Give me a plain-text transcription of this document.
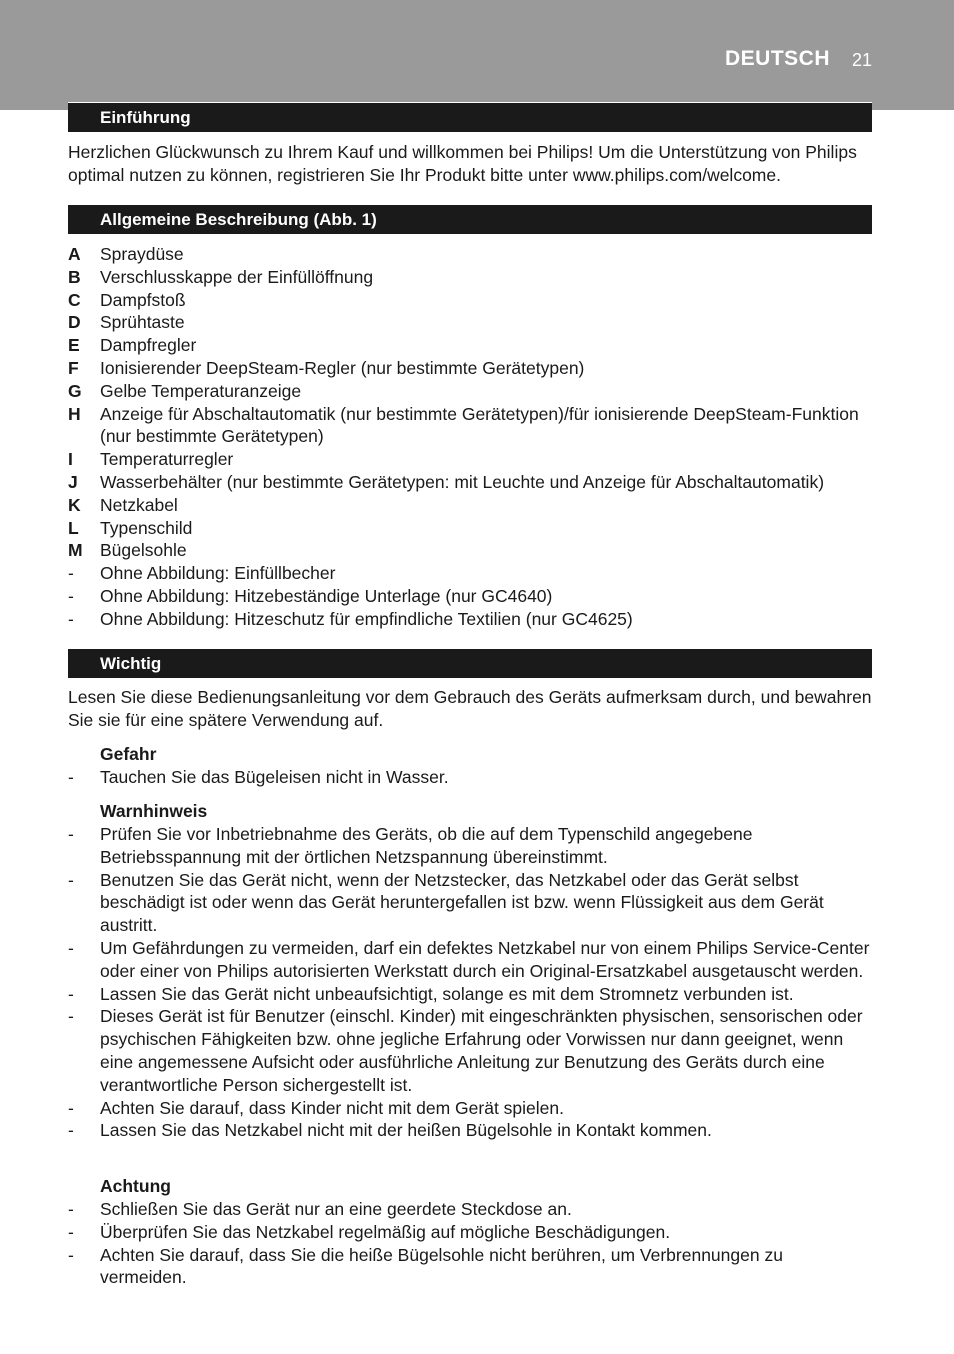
DEUTSCH 21
Einführung
Herzlichen Glückwunsch zu Ihrem Kauf und willkommen bei Philips! Um die Unterstützung von Philips optimal nutzen zu können, registrieren Sie Ihr Produkt bitte unter www.philips.com/welcome.
Allgemeine Beschreibung (Abb. 1)
A Spraydüse
B Verschlusskappe der Einfüllöffnung
C Dampfstoß
D Sprühtaste
E Dampfregler
F Ionisierender DeepSteam-Regler (nur bestimmte Gerätetypen)
G Gelbe Temperaturanzeige
H Anzeige für Abschaltautomatik (nur bestimmte Gerätetypen)/für ionisierende DeepSteam-Funktion (nur bestimmte Gerätetypen)
I Temperaturregler
J Wasserbehälter (nur bestimmte Gerätetypen: mit Leuchte und Anzeige für Abschaltautomatik)
K Netzkabel
L Typenschild
M Bügelsohle
- Ohne Abbildung: Einfüllbecher
- Ohne Abbildung: Hitzebeständige Unterlage (nur GC4640)
- Ohne Abbildung: Hitzeschutz für empfindliche Textilien (nur GC4625)
Wichtig
Lesen Sie diese Bedienungsanleitung vor dem Gebrauch des Geräts aufmerksam durch, und bewahren Sie sie für eine spätere Verwendung auf.
Gefahr
- Tauchen Sie das Bügeleisen nicht in Wasser.
Warnhinweis
- Prüfen Sie vor Inbetriebnahme des Geräts, ob die auf dem Typenschild angegebene Betriebsspannung mit der örtlichen Netzspannung übereinstimmt.
- Benutzen Sie das Gerät nicht, wenn der Netzstecker, das Netzkabel oder das Gerät selbst beschädigt ist oder wenn das Gerät heruntergefallen ist bzw. wenn Flüssigkeit aus dem Gerät austritt.
- Um Gefährdungen zu vermeiden, darf ein defektes Netzkabel nur von einem Philips Service-Center oder einer von Philips autorisierten Werkstatt durch ein Original-Ersatzkabel ausgetauscht werden.
- Lassen Sie das Gerät nicht unbeaufsichtigt, solange es mit dem Stromnetz verbunden ist.
- Dieses Gerät ist für Benutzer (einschl. Kinder) mit eingeschränkten physischen, sensorischen oder psychischen Fähigkeiten bzw. ohne jegliche Erfahrung oder Vorwissen nur dann geeignet, wenn eine angemessene Aufsicht oder ausführliche Anleitung zur Benutzung des Geräts durch eine verantwortliche Person sichergestellt ist.
- Achten Sie darauf, dass Kinder nicht mit dem Gerät spielen.
- Lassen Sie das Netzkabel nicht mit der heißen Bügelsohle in Kontakt kommen.
Achtung
- Schließen Sie das Gerät nur an eine geerdete Steckdose an.
- Überprüfen Sie das Netzkabel regelmäßig auf mögliche Beschädigungen.
- Achten Sie darauf, dass Sie die heiße Bügelsohle nicht berühren, um Verbrennungen zu vermeiden.
